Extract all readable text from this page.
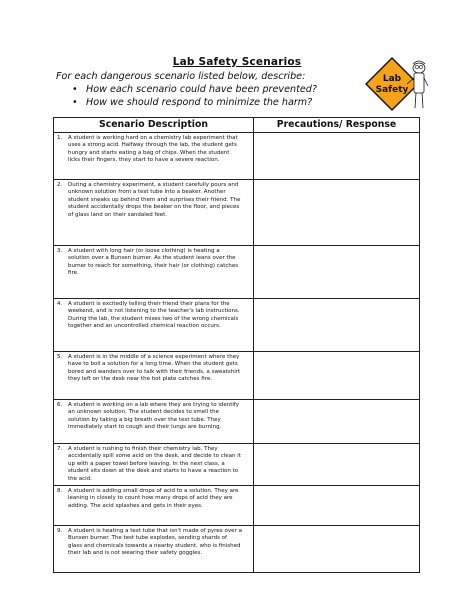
Lab Safety Scenarios
For each dangerous scenario listed below, describe:
• How each scenario could have been prevented?
• How we should respond to minimize the harm?
Lab
Safety
Scenario Description	Precautions/ Response
1. A student is working hard on a chemistry lab experiment that uses a strong acid. Halfway through the lab, the student gets hungry and starts eating a bag of chips. When the student licks their fingers, they start to have a severe reaction.	
2. During a chemistry experiment, a student carefully pours and unknown solution from a test tube into a beaker. Another student sneaks up behind them and surprises their friend. The student accidentally drops the beaker on the floor, and pieces of glass land on their sandaled feet.	
3. A student with long hair (or loose clothing) is heating a solution over a Bunsen burner. As the student leans over the burner to reach for something, their hair (or clothing) catches fire.	
4. A student is excitedly telling their friend their plans for the weekend, and is not listening to the teacher's lab instructions. During the lab, the student mixes two of the wrong chemicals together and an uncontrolled chemical reaction occurs.	
5. A student is in the middle of a science experiment where they have to boil a solution for a long time. When the student gets bored and wanders over to talk with their friends, a sweatshirt they left on the desk near the hot plate catches fire.	
6. A student is working on a lab where they are trying to identify an unknown solution. The student decides to smell the solution by taking a big breath over the test tube. They immediately start to cough and their lungs are burning.	
7. A student is rushing to finish their chemistry lab. They accidentally spill some acid on the desk, and decide to clean it up with a paper towel before leaving. In the next class, a student sits down at the desk and starts to have a reaction to the acid.	
8. A student is adding small drops of acid to a solution. They are leaning in closely to count how many drops of acid they are adding. The acid splashes and gets in their eyes.	
9. A student is heating a test tube that isn't made of pyrex over a Bunsen burner. The test tube explodes, sending shards of glass and chemicals towards a nearby student, who is finished their lab and is not wearing their safety goggles.	
